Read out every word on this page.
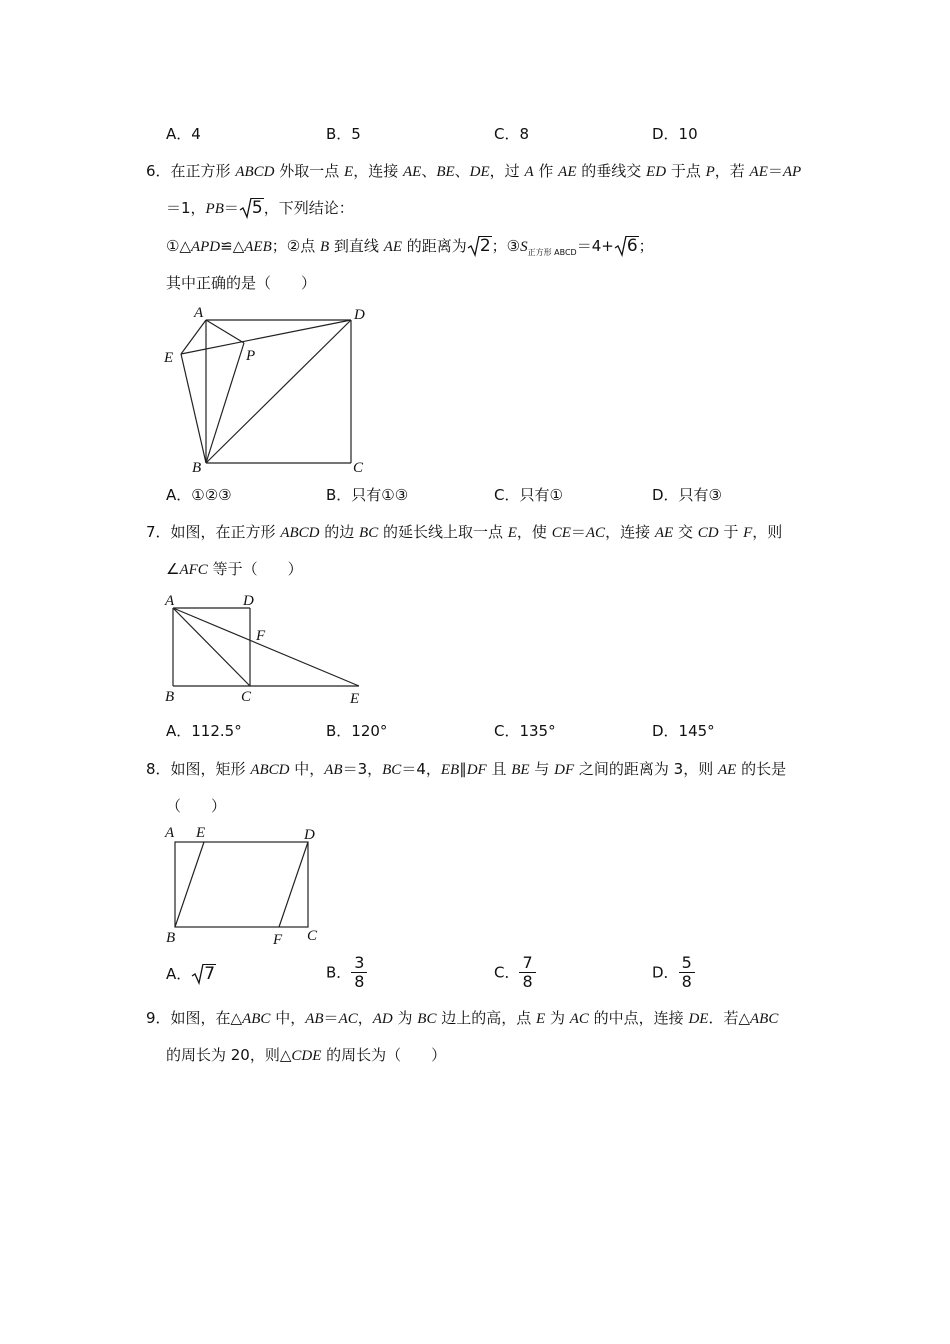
A．4	B．5	C．8	D．10
6．在正方形 ABCD 外取一点 E，连接 AE、BE、DE，过 A 作 AE 的垂线交 ED 于点 P，若 AE＝AP
＝1，PB＝ 5，下列结论：
①△APD≌△AEB；②点 B 到直线 AE 的距离为 2；$③S_{正方形 ABCD}=4+ 6$；
其中正确的是（　　）
A	D
E	P
B	C
A．①②③	B．只有①③	C．只有①	D．只有③
7．如图，在正方形 ABCD 的边 BC 的延长线上取一点 E，使 CE＝AC，连接 AE 交 CD 于 F，则
∠AFC 等于（　　）
A	D
F
B	C	E
A．112.5°	B．120°	C．135°	D．145°
8．如图，矩形 ABCD 中，AB＝3，BC＝4，EB∥DF 且 BE 与 DF 之间的距离为 3，则 AE 的长是
（　　）
A E	D
B	F C
A． 7	B． $\frac{3}{8}$	C． $\frac{7}{8}$	D． $\frac{5}{8}$
9．如图，在△ABC 中，AB＝AC，AD 为 BC 边上的高，点 E 为 AC 的中点，连接 DE．若△ABC
的周长为 20，则△CDE 的周长为（　　）
